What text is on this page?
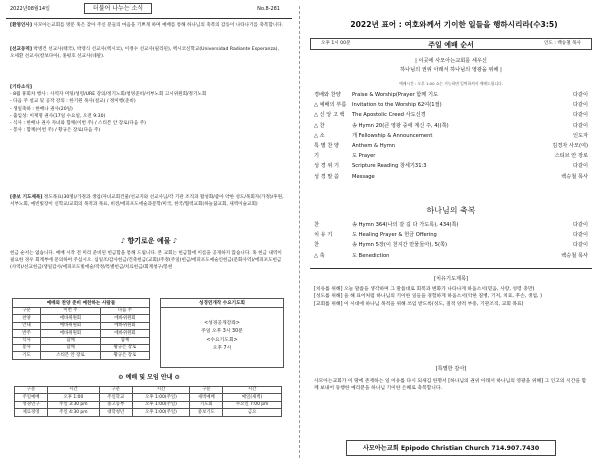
2022년08월14일	더불어 나누는 소식	No.8-281
[환영인사] 사모아는교회를 방문 혹은 찾아 주신 분들의 마음을 기쁘게 하며 예배를 통해 하나님의 축복의 감동이 나타나기를 축복합니다.
[선교동역] 박병건 선교사(태국), 박영식 선교사(멕시코), 이정수 선교사(필리핀), 멕시코신학교(Universidad Radiante Esperanza), 오세환 선교사(칼보다아), 홍평호 선교사(네팔).
[기타소식]
- 8월 휴회차 행사 : 사역자 미팅/성령/URE 강의/정기노회/청빙준비/서부노회 고시위원회/정기노회
- 다음 주 설교 및 공작 강의 : 한기원 목사(설교) / 정미행(준비)
- 생일축하 : 한배나 권사(20일)
- 출입성: 이재명 권사(17일 수요일, 오전 9:30)
- 식사 : 한배나 권사 자녀와 함께(이번 주) / 스티븐 안 장로(다음 주)
- 봉사 : 함께(이번 주) / 황규은 장로(다음 주)
[중보 기도제목] 정도목표(30명)/가정과 생업/자녀교회건물/선교지와 선교사님/각 기관 조직과 활성화/좋아 약한 성도/목회자(가정)/후원, 서부노회, 예빈빛장이 신학교/교회의 목적과 목표, 비전/에피포도에술과문학/미국, 한국/협력교회(하늘꿈교회, 새벽이슬교회)
♪ 향기로운 예물 ♪
헌금 순서는 없습니다. 예배 시작 전 미리 준비된 헌금함을 통해 드립니다. 본 교회는 헌금함에 이름을 공개하지 않습니다. 혹 헌금 내역이 필요한 경우 회계부에 문의하여 주십시오. 십일조/감사헌금/건축헌금(교회)/주정(주일)헌금/에피포도예술인헌금(문화사역)/에피포도헌금(사역)/선교헌금/생일감사/에피포도빛에술/작정/특별헌금/치료헌금/회계청구/봉헌
예배와 찬양 준비 예찬하는 사람들
구분	이번 주	다음 주
찬양	에바위원회	에바위원회
안내	에바위원회	에바위원회
반주	에바위원회	에바위원회
식사	함께	함께
봉사	함께	황규은 장로
기도	스티븐 안 장로	황규은 장로
성경연개작 수요기도회
<성경공개강좌>
주일 오후 3시 30분
<수요기도회>
오후 7시
⚙ 예배 및 모임 안내 ⚙
구분	시간	구분	시간	구분	시간
주일예배	오후 1:00	주일학교	오후 1:00(주일)	새벽예배	매일(새벽)
성경연구	주일 3:30 pm	중고등부	오후 1:00(주일)	기도회	수요일 7:00 pm
제료경영	주일 4:30 pm	대학청년	오후 1:00(주일)	중보기도	금요
2022년 표어 : 여호와께서 기이한 일들을 행하시리라(수3:5)
오후 1시 00분	주일 예배 순서	인도 : 백승철 목사
| 이곳에 사모아는교회를 세우신
하나님의 권위 아래서 하나님의 영광을 위해 |
예배시간 : 오후 1:00 쇼는 가능하면 일찍하셔서 예배드립니다.
경배와 찬양 Praise & Worship(Prayer 함께 기도	다같이
△ 예배의 부름 Invitation to the Worship 62여(1절)	다같이
△ 신 앙 고 백 The Apostolic Creed 사도신경	다같이
△ 찬	송 Hymn 20(큰 영광 중에 계신 주, 4)(쪽)	다같이
△ 소	개 Fellowship & Announcement	인도자
특 별 찬 양	Anthem & Hymn	김경자 사모(여)
기	도 Prayer	스티브 안 장로
성 경 위 기	Scripture Reading 창세기31:3	다같이
성 경 말 씀	Message	백승철 목사
하나님의 축복
찬	송 Hymn 364(나의 갈 길 다 가도록), 434(쪽)	다같이
치 유 기	도 Healing Prayer & 헌금 Offering	다같이
찬	송 Hymn 5장(이 천지간 만물들아), 5(쪽)	다같이
△ 축	도 Benediction	백승철 목사
[치유기도제목]
[치유를 위해] 오늘 말씀을 생각하며 그 말씀대로 회복과 변화가 나타나게 하옵소서(믿음, 사랑, 성령 충만)
[성도를 위해] 을 해 표어처럼 하나님의 기이한 일들을 경험하게 하옵소서(악한 질병, 기저, 치료, 후손, 생업, )
[교회를 위해] 이 시대에 하나님 목적을 위해 쓰임 받도록(성도, 질적 양적 부흥, 기관조직, 교회 목표)
[특별한 감사]
사모아는교회가 이 땅에 존재하는 일 이유를 다시 되새김 한명서 [하나님의 권위 아래서 하나님의 영광을 위해] 그 인고의 시간을 함께 보내어 동행한 예리분을 하나님 기이한 은혜로 축복합니다.
사모아는교회 Epipodo Christian Church 714.907.7430
